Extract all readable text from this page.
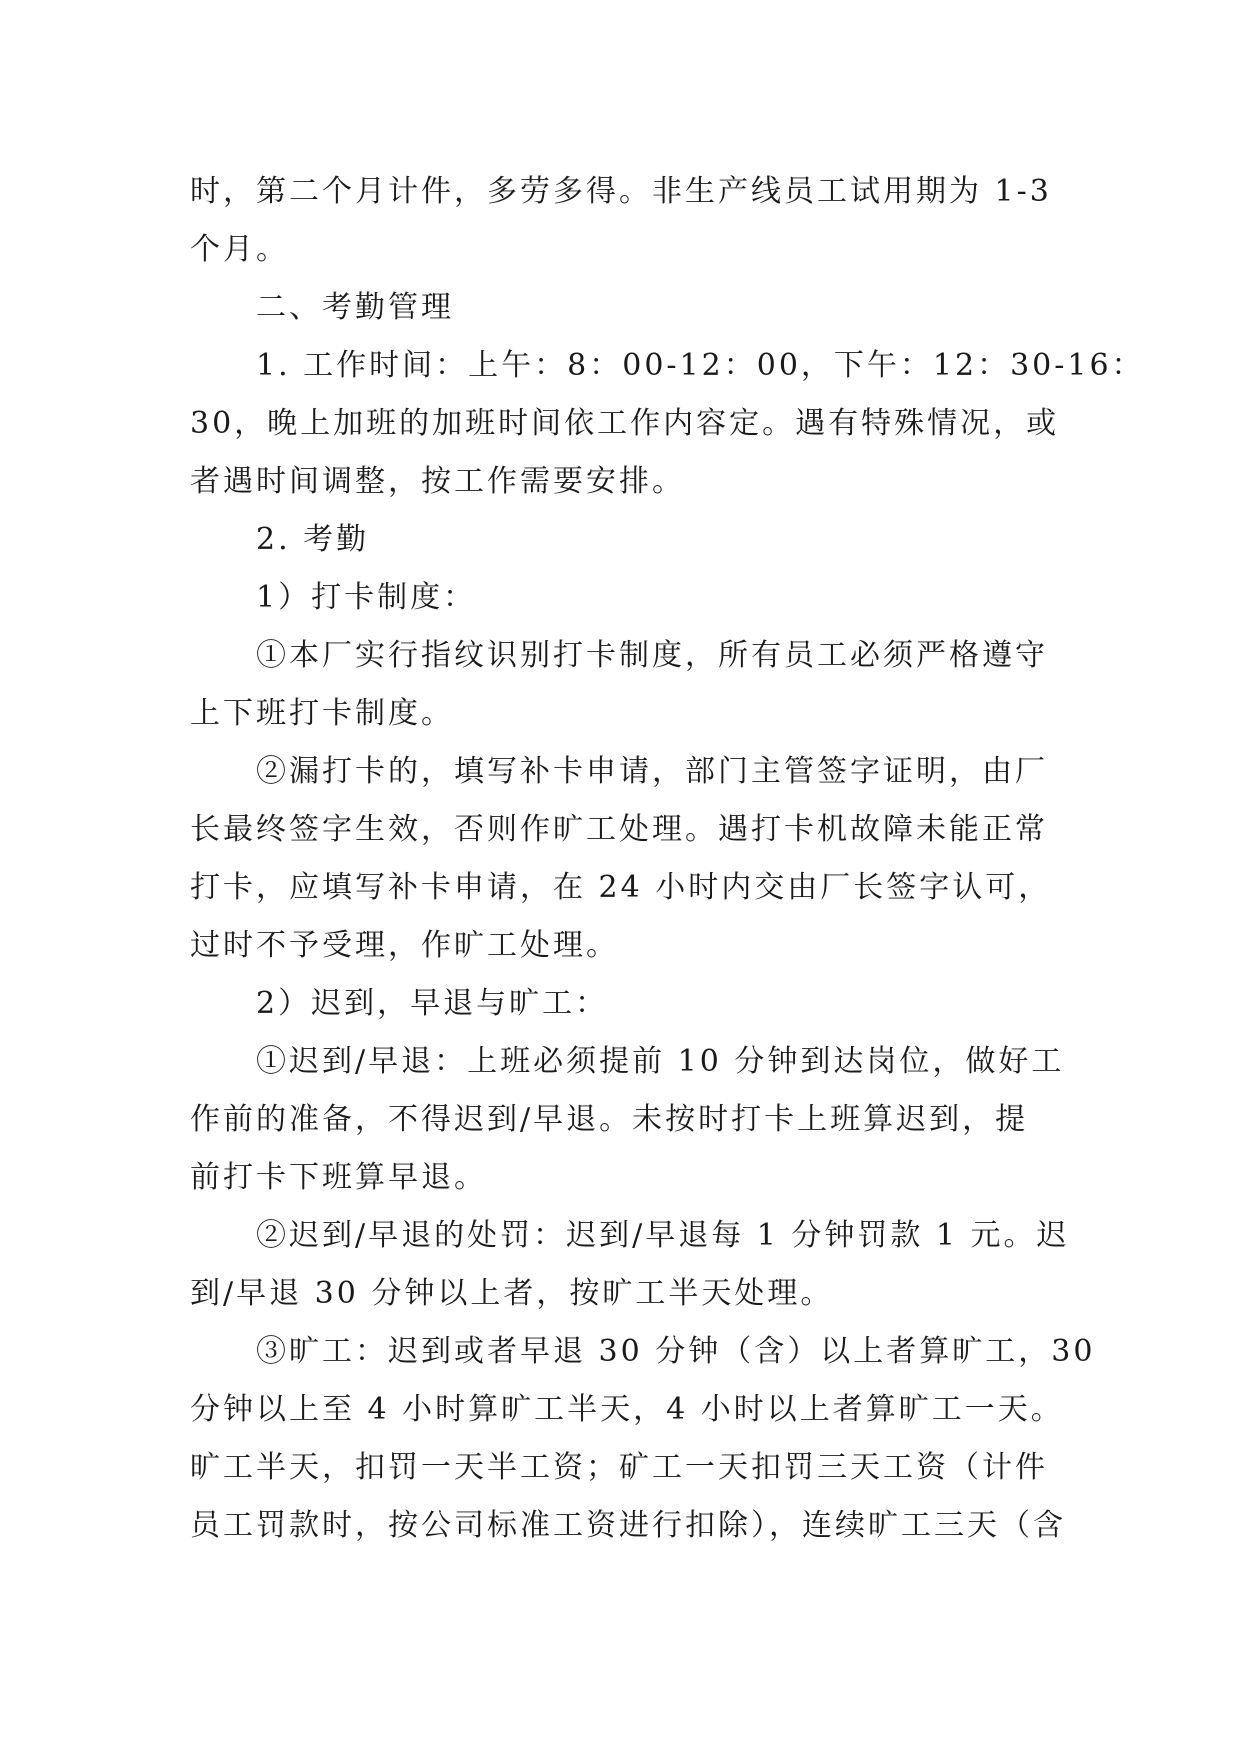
时，第二个月计件，多劳多得。非生产线员工试用期为 1-3
个月。
二、考勤管理
1. 工作时间：上午：8：00-12：00，下午：12：30-16：
30，晚上加班的加班时间依工作内容定。遇有特殊情况，或
者遇时间调整，按工作需要安排。
2. 考勤
1）打卡制度：
①本厂实行指纹识别打卡制度，所有员工必须严格遵守
上下班打卡制度。
②漏打卡的，填写补卡申请，部门主管签字证明，由厂
长最终签字生效，否则作旷工处理。遇打卡机故障未能正常
打卡，应填写补卡申请，在 24 小时内交由厂长签字认可，
过时不予受理，作旷工处理。
2）迟到，早退与旷工：
①迟到/早退：上班必须提前 10 分钟到达岗位，做好工
作前的准备，不得迟到/早退。未按时打卡上班算迟到，提
前打卡下班算早退。
②迟到/早退的处罚：迟到/早退每 1 分钟罚款 1 元。迟
到/早退 30 分钟以上者，按旷工半天处理。
③旷工：迟到或者早退 30 分钟（含）以上者算旷工，30
分钟以上至 4 小时算旷工半天，4 小时以上者算旷工一天。
旷工半天，扣罚一天半工资；矿工一天扣罚三天工资（计件
员工罚款时，按公司标准工资进行扣除），连续旷工三天（含
